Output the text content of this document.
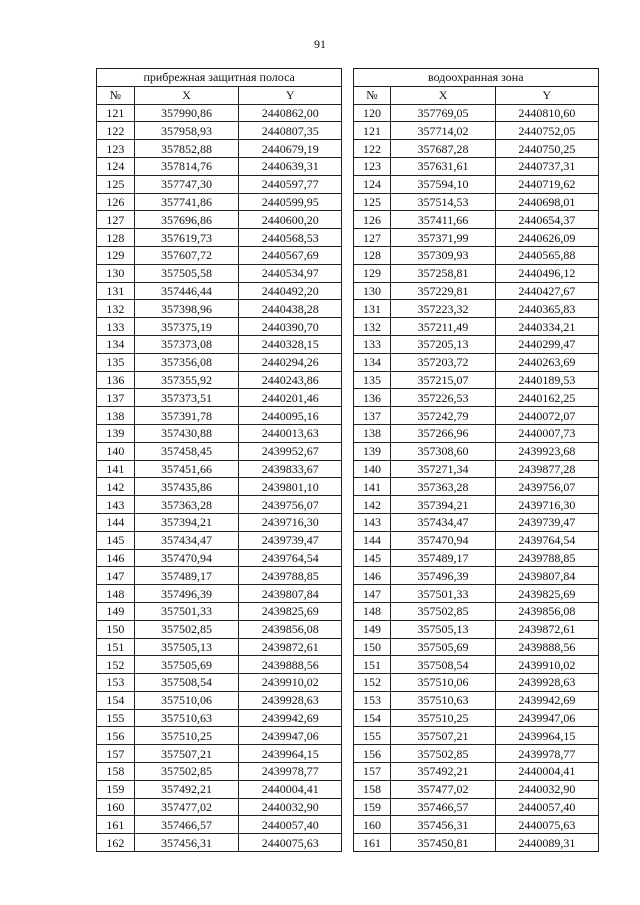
91
прибрежная защитная полоса				водоохранная зона		
№	X	Y		№	X	Y
121	357990,86	2440862,00		120	357769,05	2440810,60
122	357958,93	2440807,35		121	357714,02	2440752,05
123	357852,88	2440679,19		122	357687,28	2440750,25
124	357814,76	2440639,31		123	357631,61	2440737,31
125	357747,30	2440597,77		124	357594,10	2440719,62
126	357741,86	2440599,95		125	357514,53	2440698,01
127	357696,86	2440600,20		126	357411,66	2440654,37
128	357619,73	2440568,53		127	357371,99	2440626,09
129	357607,72	2440567,69		128	357309,93	2440565,88
130	357505,58	2440534,97		129	357258,81	2440496,12
131	357446,44	2440492,20		130	357229,81	2440427,67
132	357398,96	2440438,28		131	357223,32	2440365,83
133	357375,19	2440390,70		132	357211,49	2440334,21
134	357373,08	2440328,15		133	357205,13	2440299,47
135	357356,08	2440294,26		134	357203,72	2440263,69
136	357355,92	2440243,86		135	357215,07	2440189,53
137	357373,51	2440201,46		136	357226,53	2440162,25
138	357391,78	2440095,16		137	357242,79	2440072,07
139	357430,88	2440013,63		138	357266,96	2440007,73
140	357458,45	2439952,67		139	357308,60	2439923,68
141	357451,66	2439833,67		140	357271,34	2439877,28
142	357435,86	2439801,10		141	357363,28	2439756,07
143	357363,28	2439756,07		142	357394,21	2439716,30
144	357394,21	2439716,30		143	357434,47	2439739,47
145	357434,47	2439739,47		144	357470,94	2439764,54
146	357470,94	2439764,54		145	357489,17	2439788,85
147	357489,17	2439788,85		146	357496,39	2439807,84
148	357496,39	2439807,84		147	357501,33	2439825,69
149	357501,33	2439825,69		148	357502,85	2439856,08
150	357502,85	2439856,08		149	357505,13	2439872,61
151	357505,13	2439872,61		150	357505,69	2439888,56
152	357505,69	2439888,56		151	357508,54	2439910,02
153	357508,54	2439910,02		152	357510,06	2439928,63
154	357510,06	2439928,63		153	357510,63	2439942,69
155	357510,63	2439942,69		154	357510,25	2439947,06
156	357510,25	2439947,06		155	357507,21	2439964,15
157	357507,21	2439964,15		156	357502,85	2439978,77
158	357502,85	2439978,77		157	357492,21	2440004,41
159	357492,21	2440004,41		158	357477,02	2440032,90
160	357477,02	2440032,90		159	357466,57	2440057,40
161	357466,57	2440057,40		160	357456,31	2440075,63
162	357456,31	2440075,63		161	357450,81	2440089,31
